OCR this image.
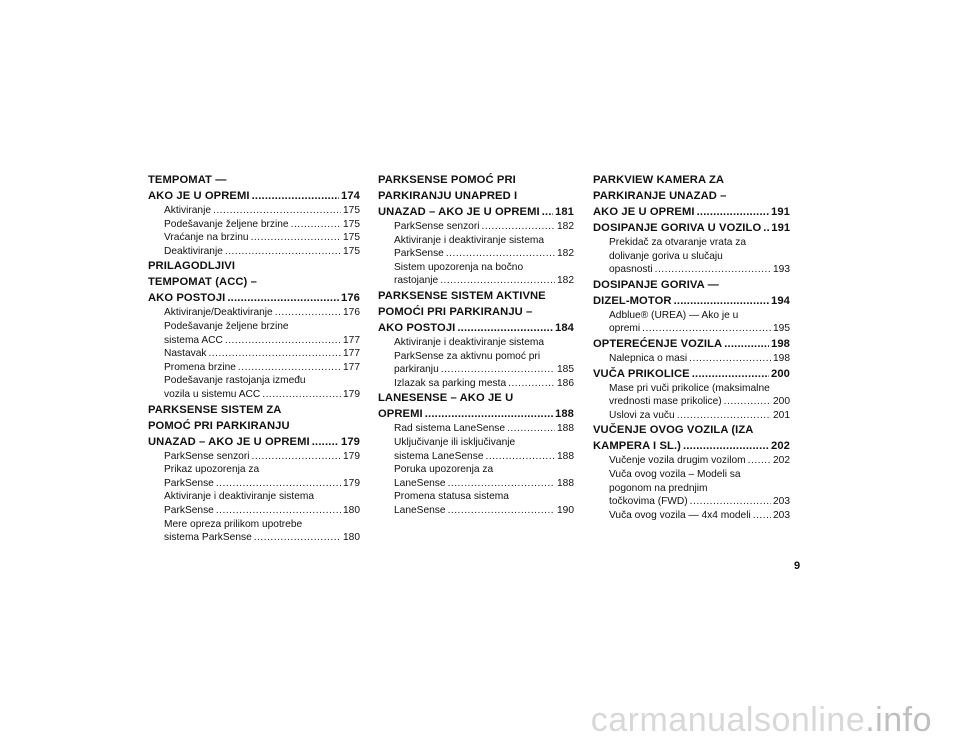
TEMPOMAT —
AKO JE U OPREMI .....	174
Aktiviranje .....	175
Podešavanje željene brzine .....	175
Vraćanje na brzinu .....	175
Deaktiviranje .....	175
PRILAGODLJIVI
TEMPOMAT (ACC) –
AKO POSTOJI .....	176
Aktiviranje/Deaktiviranje .....	176
Podešavanje željene brzine
sistema ACC .....	177
Nastavak .....	177
Promena brzine .....	177
Podešavanje rastojanja između
vozila u sistemu ACC .....	179
PARKSENSE SISTEM ZA
POMOĆ PRI PARKIRANJU
UNAZAD – AKO JE U OPREMI .....	179
ParkSense senzori .....	179
Prikaz upozorenja za
ParkSense .....	179
Aktiviranje i deaktiviranje sistema
ParkSense .....	180
Mere opreza prilikom upotrebe
sistema ParkSense .....	180
PARKSENSE POMOĆ PRI
PARKIRANJU UNAPRED I
UNAZAD – AKO JE U OPREMI ..... 181
ParkSense senzori .....	182
Aktiviranje i deaktiviranje sistema
ParkSense .....	182
Sistem upozorenja na bočno
rastojanje .....	182
PARKSENSE SISTEM AKTIVNE
POMOĆI PRI PARKIRANJU –
AKO POSTOJI .....	184
Aktiviranje i deaktiviranje sistema
ParkSense za aktivnu pomoć pri
parkiranju .....	185
Izlazak sa parking mesta .....	186
LANESENSE – AKO JE U
OPREMI .....	188
Rad sistema LaneSense .....	188
Uključivanje ili isključivanje
sistema LaneSense .....	188
Poruka upozorenja za
LaneSense .....	188
Promena statusa sistema
LaneSense .....	190
PARKVIEW KAMERA ZA
PARKIRANJE UNAZAD –
AKO JE U OPREMI .....	191
DOSIPANJE GORIVA U VOZILO ..... 191
Prekidač za otvaranje vrata za
dolivanje goriva u slučaju
opasnosti .....	193
DOSIPANJE GORIVA —
DIZEL-MOTOR .....	194
Adblue® (UREA) — Ako je u
opremi .....	195
OPTEREĆENJE VOZILA .....	198
Nalepnica o masi .....	198
VUČA PRIKOLICE .....	200
Mase pri vuči prikolice (maksimalne
vrednosti mase prikolice) .....	200
Uslovi za vuču .....	201
VUČENJE OVOG VOZILA (IZA
KAMPERA I SL.) .....	202
Vučenje vozila drugim vozilom .....	202
Vuča ovog vozila – Modeli sa
pogonom na prednjim
točkovima (FWD) .....	203
Vuča ovog vozila — 4x4 modeli ..... 203
9
carmanualsonline.info
